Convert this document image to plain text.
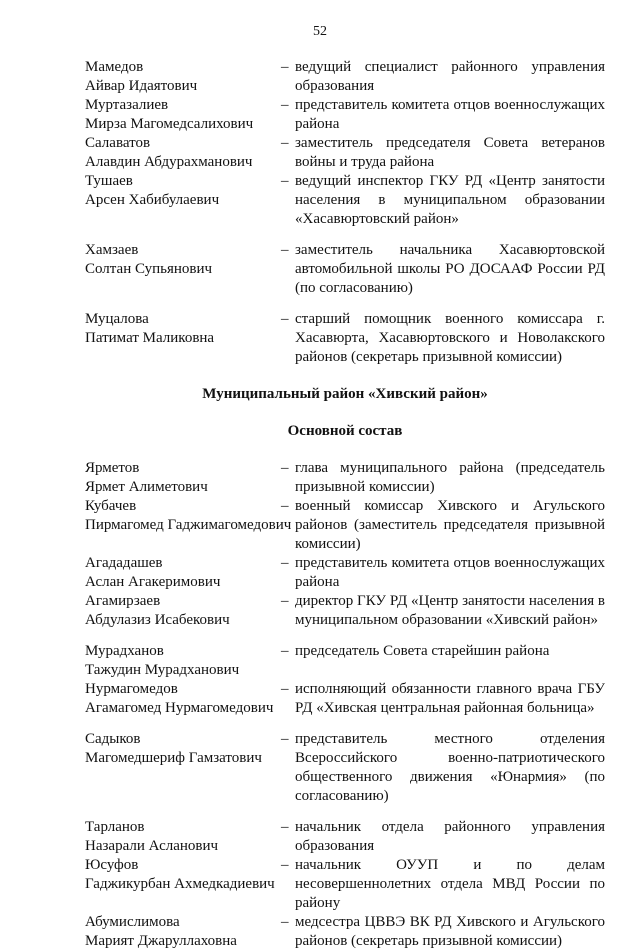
52
Мамедов
Айвар Идаятович
– ведущий специалист районного управления образования
Муртазалиев
Мирза Магомедсалихович
– представитель комитета отцов военнослужащих района
Салаватов
Алавдин Абдурахманович
– заместитель председателя Совета ветеранов войны и труда района
Тушаев
Арсен Хабибулаевич
– ведущий инспектор ГКУ РД «Центр занятости населения в муниципальном образовании «Хасавюртовский район»
Хамзаев
Солтан Супьянович
– заместитель начальника Хасавюртовской автомобильной школы РО ДОСААФ России РД (по согласованию)
Муцалова
Патимат Маликовна
– старший помощник военного комиссара г. Хасавюрта, Хасавюртовского и Новолакского районов (секретарь призывной комиссии)
Муниципальный район «Хивский район»
Основной состав
Ярметов
Ярмет Алиметович
– глава муниципального района (председатель призывной комиссии)
Кубачев
Пирмагомед Гаджимагомедович
– военный комиссар Хивского и Агульского районов (заместитель председателя призывной комиссии)
Агададашев
Аслан Агакеримович
– представитель комитета отцов военнослужащих района
Агамирзаев
Абдулазиз Исабекович
– директор ГКУ РД «Центр занятости населения в муниципальном образовании «Хивский район»
Мурадханов
Тажудин Мурадханович
– председатель Совета старейшин района
Нурмагомедов
Агамагомед Нурмагомедович
– исполняющий обязанности главного врача ГБУ РД «Хивская центральная районная больница»
Садыков
Магомедшериф Гамзатович
– представитель местного отделения Всероссийского военно-патриотического общественного движения «Юнармия» (по согласованию)
Тарланов
Назарали Асланович
– начальник отдела районного управления образования
Юсуфов
Гаджикурбан Ахмедкадиевич
– начальник ОУУП и по делам несовершеннолетних отдела МВД России по району
Абумислимова
Марият Джаруллаховна
– медсестра ЦВВЭ ВК РД Хивского и Агульского районов (секретарь призывной комиссии)
